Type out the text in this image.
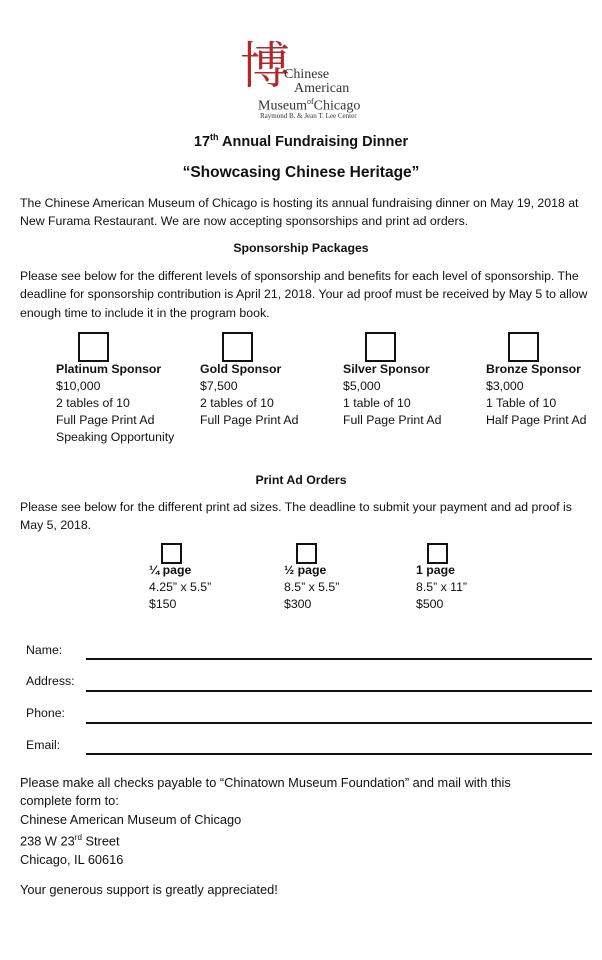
博
Chinese
American
Museum$^{of}$Chicago
Raymond B. & Jean T. Lee Center
17th Annual Fundraising Dinner
“Showcasing Chinese Heritage”
The Chinese American Museum of Chicago is hosting its annual fundraising dinner on May 19, 2018 at New Furama Restaurant. We are now accepting sponsorships and print ad orders.
Sponsorship Packages
Please see below for the different levels of sponsorship and benefits for each level of sponsorship. The deadline for sponsorship contribution is April 21, 2018. Your ad proof must be received by May 5 to allow enough time to include it in the program book.
Platinum Sponsor
$10,000
2 tables of 10
Full Page Print Ad
Speaking Opportunity
Gold Sponsor
$7,500
2 tables of 10
Full Page Print Ad
Silver Sponsor
$5,000
1 table of 10
Full Page Print Ad
Bronze Sponsor
$3,000
1 Table of 10
Half Page Print Ad
Print Ad Orders
Please see below for the different print ad sizes. The deadline to submit your payment and ad proof is May 5, 2018.
¼ page
4.25” x 5.5”
$150
½ page
8.5” x 5.5”
$300
1 page
8.5” x 11”
$500
Name:
Address:
Phone:
Email:
Please make all checks payable to “Chinatown Museum Foundation” and mail with this
complete form to:
Chinese American Museum of Chicago
238 W 23rd Street
Chicago, IL 60616
Your generous support is greatly appreciated!
